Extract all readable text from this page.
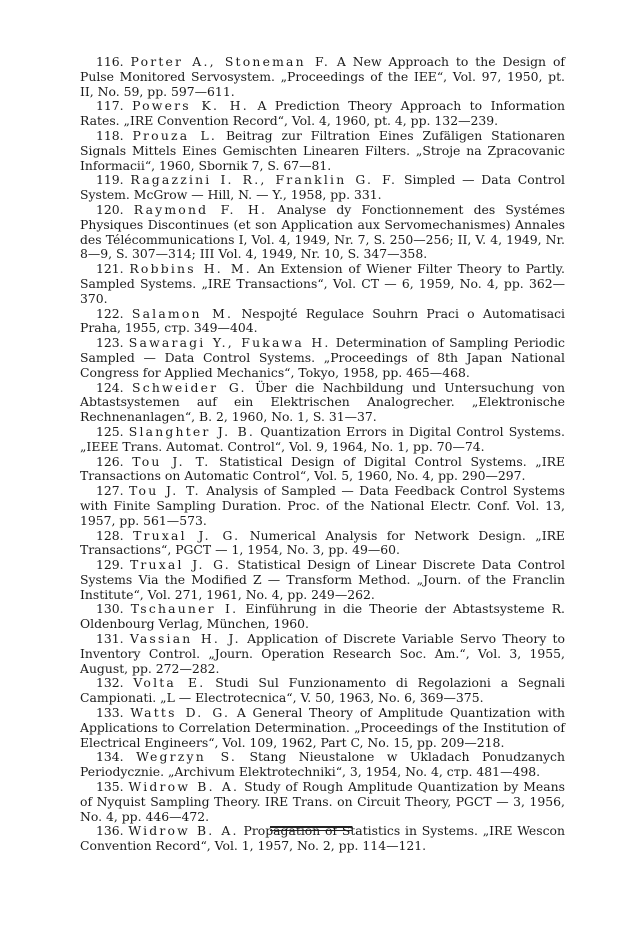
116. Porter A., Stoneman F. A New Approach to the Design of Pulse Monitored Servosystem. „Proceedings of the IEE“, Vol. 97, 1950, pt. II, No. 59, pp. 597—611.

117. Powers K. H. A Prediction Theory Approach to Information Rates. „IRE Convention Record“, Vol. 4, 1960, pt. 4, pp. 132—239.

118. Prouza L. Beitrag zur Filtration Eines Zufäligen Stationaren Signals Mittels Eines Gemischten Linearen Filters. „Stroje na Zpracovanic Informacii“, 1960, Sbornik 7, S. 67—81.

119. Ragazzini I. R., Franklin G. F. Simpled — Data Control System. McGrow — Hill, N. — Y., 1958, pp. 331.

120. Raymond F. H. Analyse dy Fonctionnement des Systémes Physiques Discontinues (et son Application aux Servomechanismes) Annales des Télécommunications I, Vol. 4, 1949, Nr. 7, S. 250—256; II, V. 4, 1949, Nr. 8—9, S. 307—314; III Vol. 4, 1949, Nr. 10, S. 347—358.

121. Robbins H. M. An Extension of Wiener Filter Theory to Partly. Sampled Systems. „IRE Transactions“, Vol. CT — 6, 1959, No. 4, pp. 362—370.

122. Salamon M. Nespojté Regulace Souhrn Praci o Automatisaci Praha, 1955, стр. 349—404.

123. Sawaragi Y., Fukawa H. Determination of Sampling Periodic Sampled — Data Control Systems. „Proceedings of 8th Japan National Congress for Applied Mechanics“, Tokyo, 1958, pp. 465—468.

124. Schweider G. Über die Nachbildung und Untersuchung von Abtastsystemen auf ein Elektrischen Analogrecher. „Elektronische Rechnenanlagen“, B. 2, 1960, No. 1, S. 31—37.

125. Slanghter J. B. Quantization Errors in Digital Control Systems. „IEEE Trans. Automat. Control“, Vol. 9, 1964, No. 1, pp. 70—74.

126. Tou J. T. Statistical Design of Digital Control Systems. „IRE Transactions on Automatic Control“, Vol. 5, 1960, No. 4, pp. 290—297.

127. Tou J. T. Analysis of Sampled — Data Feedback Control Systems with Finite Sampling Duration. Proc. of the National Electr. Conf. Vol. 13, 1957, pp. 561—573.

128. Truxal J. G. Numerical Analysis for Network Design. „IRE Transactions“, PGCT — 1, 1954, No. 3, pp. 49—60.

129. Truxal J. G. Statistical Design of Linear Discrete Data Control Systems Via the Modified Z — Transform Method. „Journ. of the Franclin Institute“, Vol. 271, 1961, No. 4, pp. 249—262.

130. Tschauner I. Einführung in die Theorie der Abtastsysteme R. Oldenbourg Verlag, München, 1960.

131. Vassian H. J. Application of Discrete Variable Servo Theory to Inventory Control. „Journ. Operation Research Soc. Am.“, Vol. 3, 1955, August, pp. 272—282.

132. Volta E. Studi Sul Funzionamento di Regolazioni a Segnali Campionati. „L — Electrotecnica“, V. 50, 1963, No. 6, 369—375.

133. Watts D. G. A General Theory of Amplitude Quantization with Applications to Correlation Determination. „Proceedings of the Institution of Electrical Engineers“, Vol. 109, 1962, Part C, No. 15, pp. 209—218.

134. Wegrzyn S. Stang Nieustalone w Ukladach Ponudzanych Periodycznie. „Archivum Elektrotechniki“, 3, 1954, No. 4, стр. 481—498.

135. Widrow B. A. Study of Rough Amplitude Quantization by Means of Nyquist Sampling Theory. IRE Trans. on Circuit Theory, PGCT — 3, 1956, No. 4, pp. 446—472.

136. Widrow B. A. Propagation of Statistics in Systems. „IRE Wescon Convention Record“, Vol. 1, 1957, No. 2, pp. 114—121.
